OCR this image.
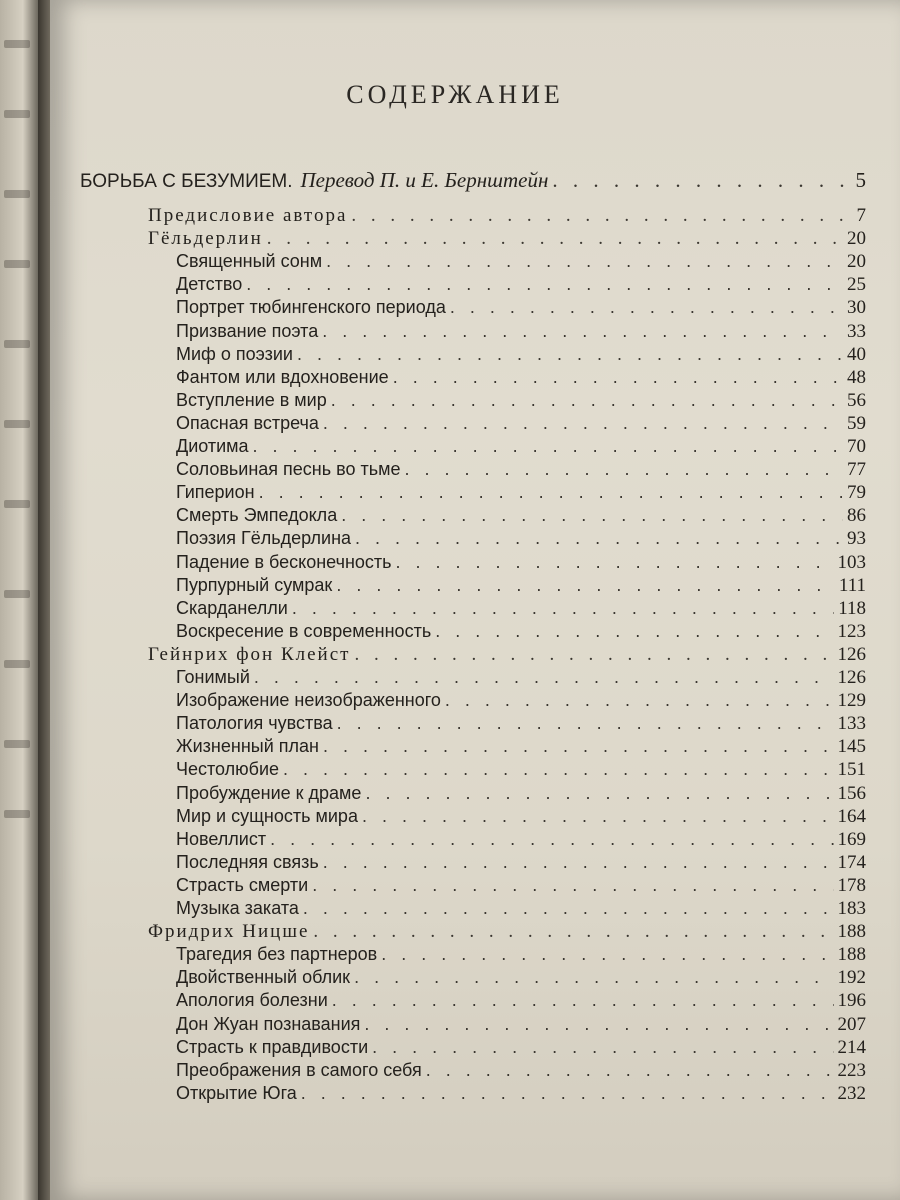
СОДЕРЖАНИЕ
БОРЬБА С БЕЗУМИЕМ. Перевод П. и Е. Бернштейн . . .	5
Предисловие автора . . .	7
Гёльдерлин . . .	20
Священный сонм . . .	20
Детство . . .	25
Портрет тюбингенского периода . . .	30
Призвание поэта . . .	33
Миф о поэзии . . .	40
Фантом или вдохновение . . .	48
Вступление в мир . . .	56
Опасная встреча . . .	59
Диотима . . .	70
Соловьиная песнь во тьме . . .	77
Гиперион . . .	79
Смерть Эмпедокла . . .	86
Поэзия Гёльдерлина . . .	93
Падение в бесконечность . . .	103
Пурпурный сумрак . . .	111
Скарданелли . . .	118
Воскресение в современность . . .	123
Гейнрих фон Клейст . . .	126
Гонимый . . .	126
Изображение неизображенного . . .	129
Патология чувства . . .	133
Жизненный план . . .	145
Честолюбие . . .	151
Пробуждение к драме . . .	156
Мир и сущность мира . . .	164
Новеллист . . .	169
Последняя связь . . .	174
Страсть смерти . . .	178
Музыка заката . . .	183
Фридрих Ницше . . .	188
Трагедия без партнеров . . .	188
Двойственный облик . . .	192
Апология болезни . . .	196
Дон Жуан познавания . . .	207
Страсть к правдивости . . .	214
Преображения в самого себя . . .	223
Открытие Юга . . .	232
